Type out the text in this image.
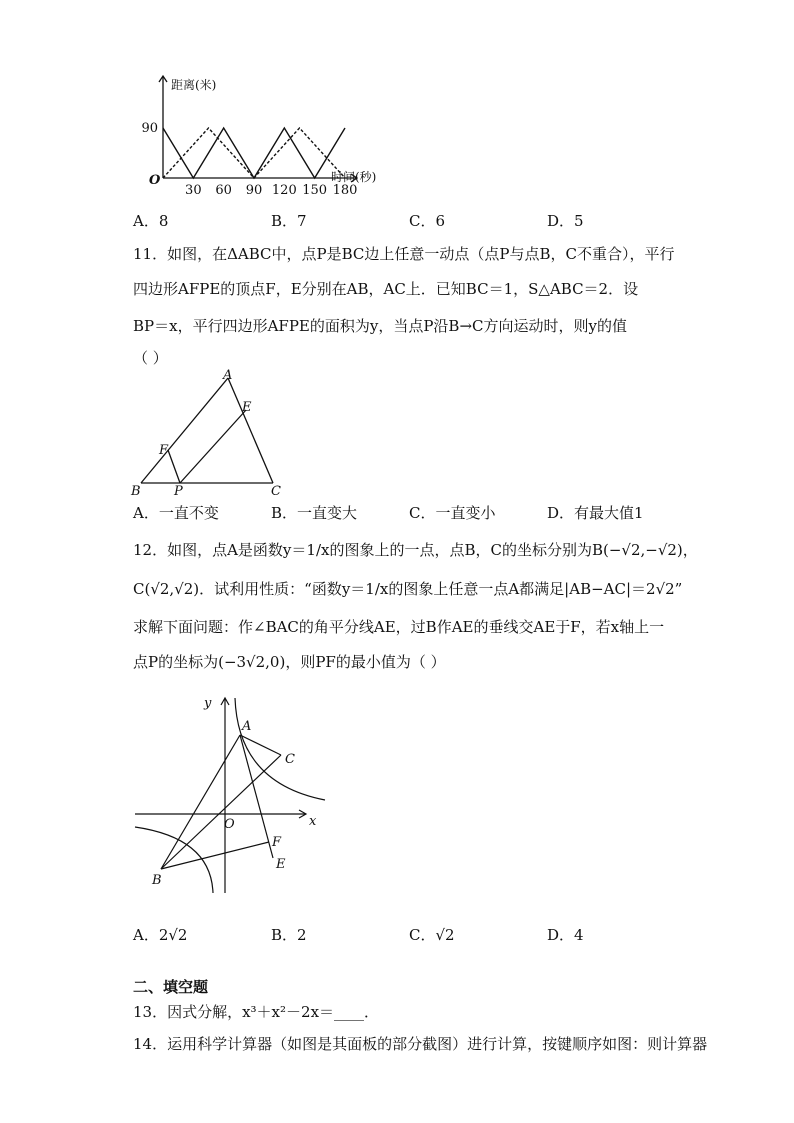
30 60 90 120 150 180
90
O
距离(米)
时间(秒)
A．8	B．7	C．6	D．5
11．如图，在ΔABC中，点P是BC边上任意一动点（点P与点B，C不重合），平行
四边形AFPE的顶点F，E分别在AB，AC上．已知BC＝1，S△ABC＝2．设
BP＝x，平行四边形AFPE的面积为y，当点P沿B→C方向运动时，则y的值
（ ）
A
E
F
B	P	C
A．一直不变	B．一直变大	C．一直变小	D．有最大值1
12．如图，点A是函数y＝1/x的图象上的一点，点B，C的坐标分别为B(−√2,−√2)，
C(√2,√2)．试利用性质：“函数y＝1/x的图象上任意一点A都满足|AB−AC|＝2√2”
求解下面问题：作∠BAC的角平分线AE，过B作AE的垂线交AE于F，若x轴上一
点P的坐标为(−3√2,0)，则PF的最小值为（ ）
y
x
O
A
C
F
E
B
A．2√2	B．2	C．√2	D．4
二、填空题
13．因式分解，x³＋x²－2x＝____．
14．运用科学计算器（如图是其面板的部分截图）进行计算，按键顺序如图：则计算器
